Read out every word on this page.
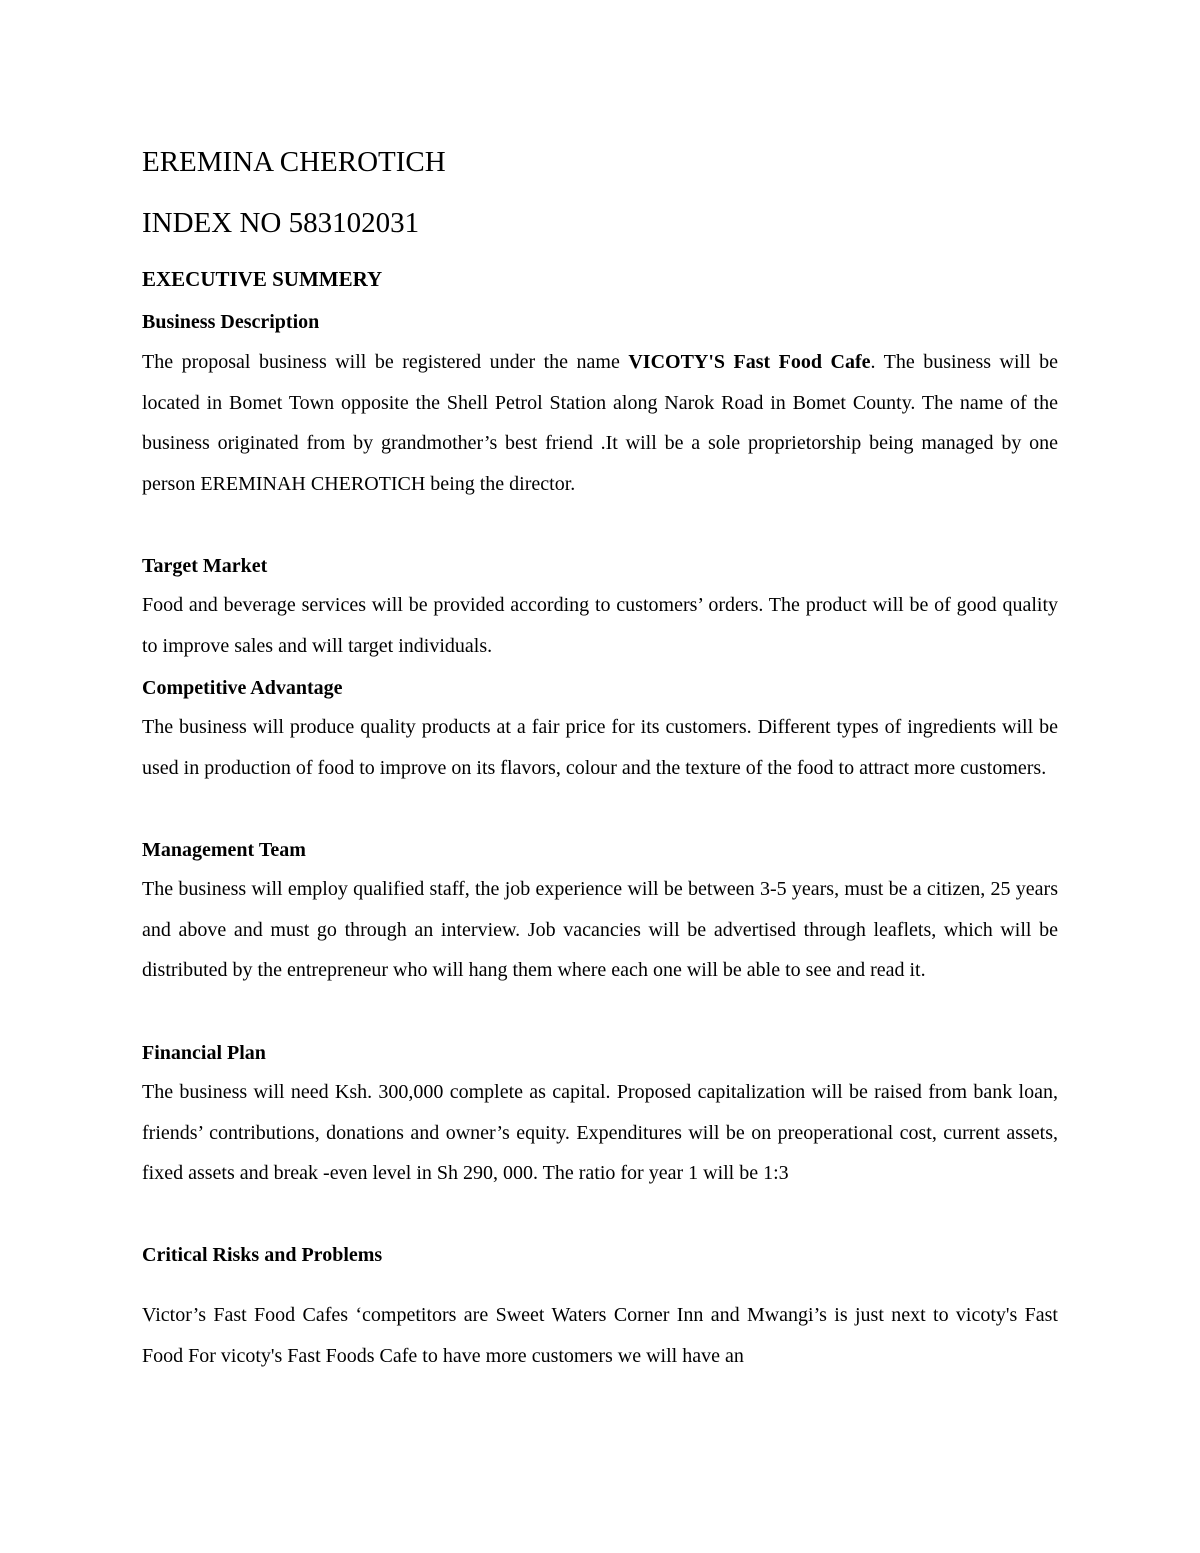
EREMINA CHEROTICH
INDEX NO 583102031
EXECUTIVE SUMMERY
Business Description

The proposal business will be registered under the name VICOTY'S Fast Food Cafe. The business will be located in Bomet Town opposite the Shell Petrol Station along Narok Road in Bomet County. The name of the business originated from by grandmother’s best friend .It will be a sole proprietorship being managed by one person EREMINAH CHEROTICH being the director.

Target Market

Food and beverage services will be provided according to customers’ orders. The product will be of good quality to improve sales and will target individuals.

Competitive Advantage

The business will produce quality products at a fair price for its customers. Different types of ingredients will be used in production of food to improve on its flavors, colour and the texture of the food to attract more customers.

Management Team

The business will employ qualified staff, the job experience will be between 3-5 years, must be a citizen, 25 years and above and must go through an interview. Job vacancies will be advertised through leaflets, which will be distributed by the entrepreneur who will hang them where each one will be able to see and read it.

Financial Plan

The business will need Ksh. 300,000 complete as capital. Proposed capitalization will be raised from bank loan, friends’ contributions, donations and owner’s equity. Expenditures will be on preoperational cost, current assets, fixed assets and break -even level in Sh 290, 000. The ratio for year 1 will be 1:3

Critical Risks and Problems

Victor’s Fast Food Cafes ‘competitors are Sweet Waters Corner Inn and Mwangi’s is just next to vicoty's Fast Food For vicoty's Fast Foods Cafe to have more customers we will have an
